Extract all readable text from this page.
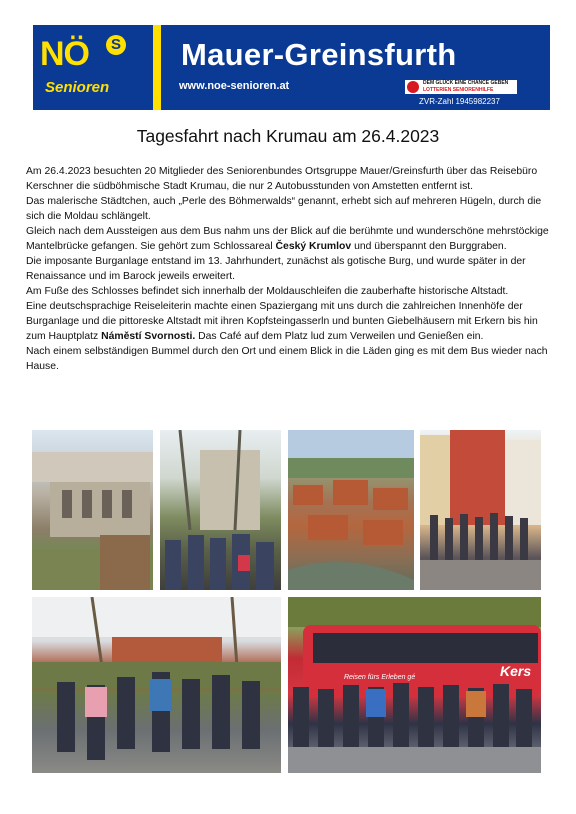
NÖ	S
Senioren
Mauer-Greinsfurth
www.noe-senioren.at	DEM GLÜCK EINE CHANCE GEBEN
LOTTERIEN SENIORENHILFE
ZVR-Zahl 1945982237
Tagesfahrt nach Krumau am 26.4.2023

Am 26.4.2023 besuchten 20 Mitglieder des Seniorenbundes Ortsgruppe Mauer/Greinsfurth über das Reisebüro Kerschner die südböhmische Stadt Krumau, die nur 2 Autobusstunden von Amstetten entfernt ist.

Das malerische Städtchen, auch „Perle des Böhmerwalds“ genannt, erhebt sich auf mehreren Hügeln, durch die sich die Moldau schlängelt.

Gleich nach dem Aussteigen aus dem Bus nahm uns der Blick auf die berühmte und wunderschöne mehrstöckige Mantelbrücke gefangen. Sie gehört zum Schlossareal Český Krumlov und überspannt den Burggraben.

Die imposante Burganlage entstand im 13. Jahrhundert, zunächst als gotische Burg, und wurde später in der Renaissance und im Barock jeweils erweitert.

Am Fuße des Schlosses befindet sich innerhalb der Moldauschleifen die zauberhafte historische Altstadt.

Eine deutschsprachige Reiseleiterin machte einen Spaziergang mit uns durch die zahlreichen Innenhöfe der Burganlage und die pittoreske Altstadt mit ihren Kopfsteingasserln und bunten Giebelhäusern mit Erkern bis hin zum Hauptplatz Náměstí Svornosti. Das Café auf dem Platz lud zum Verweilen und Genießen ein.

Nach einem selbständigen Bummel durch den Ort und einem Blick in die Läden ging es mit dem Bus wieder nach Hause.

Reisen fürs Erleben gé	Kers
